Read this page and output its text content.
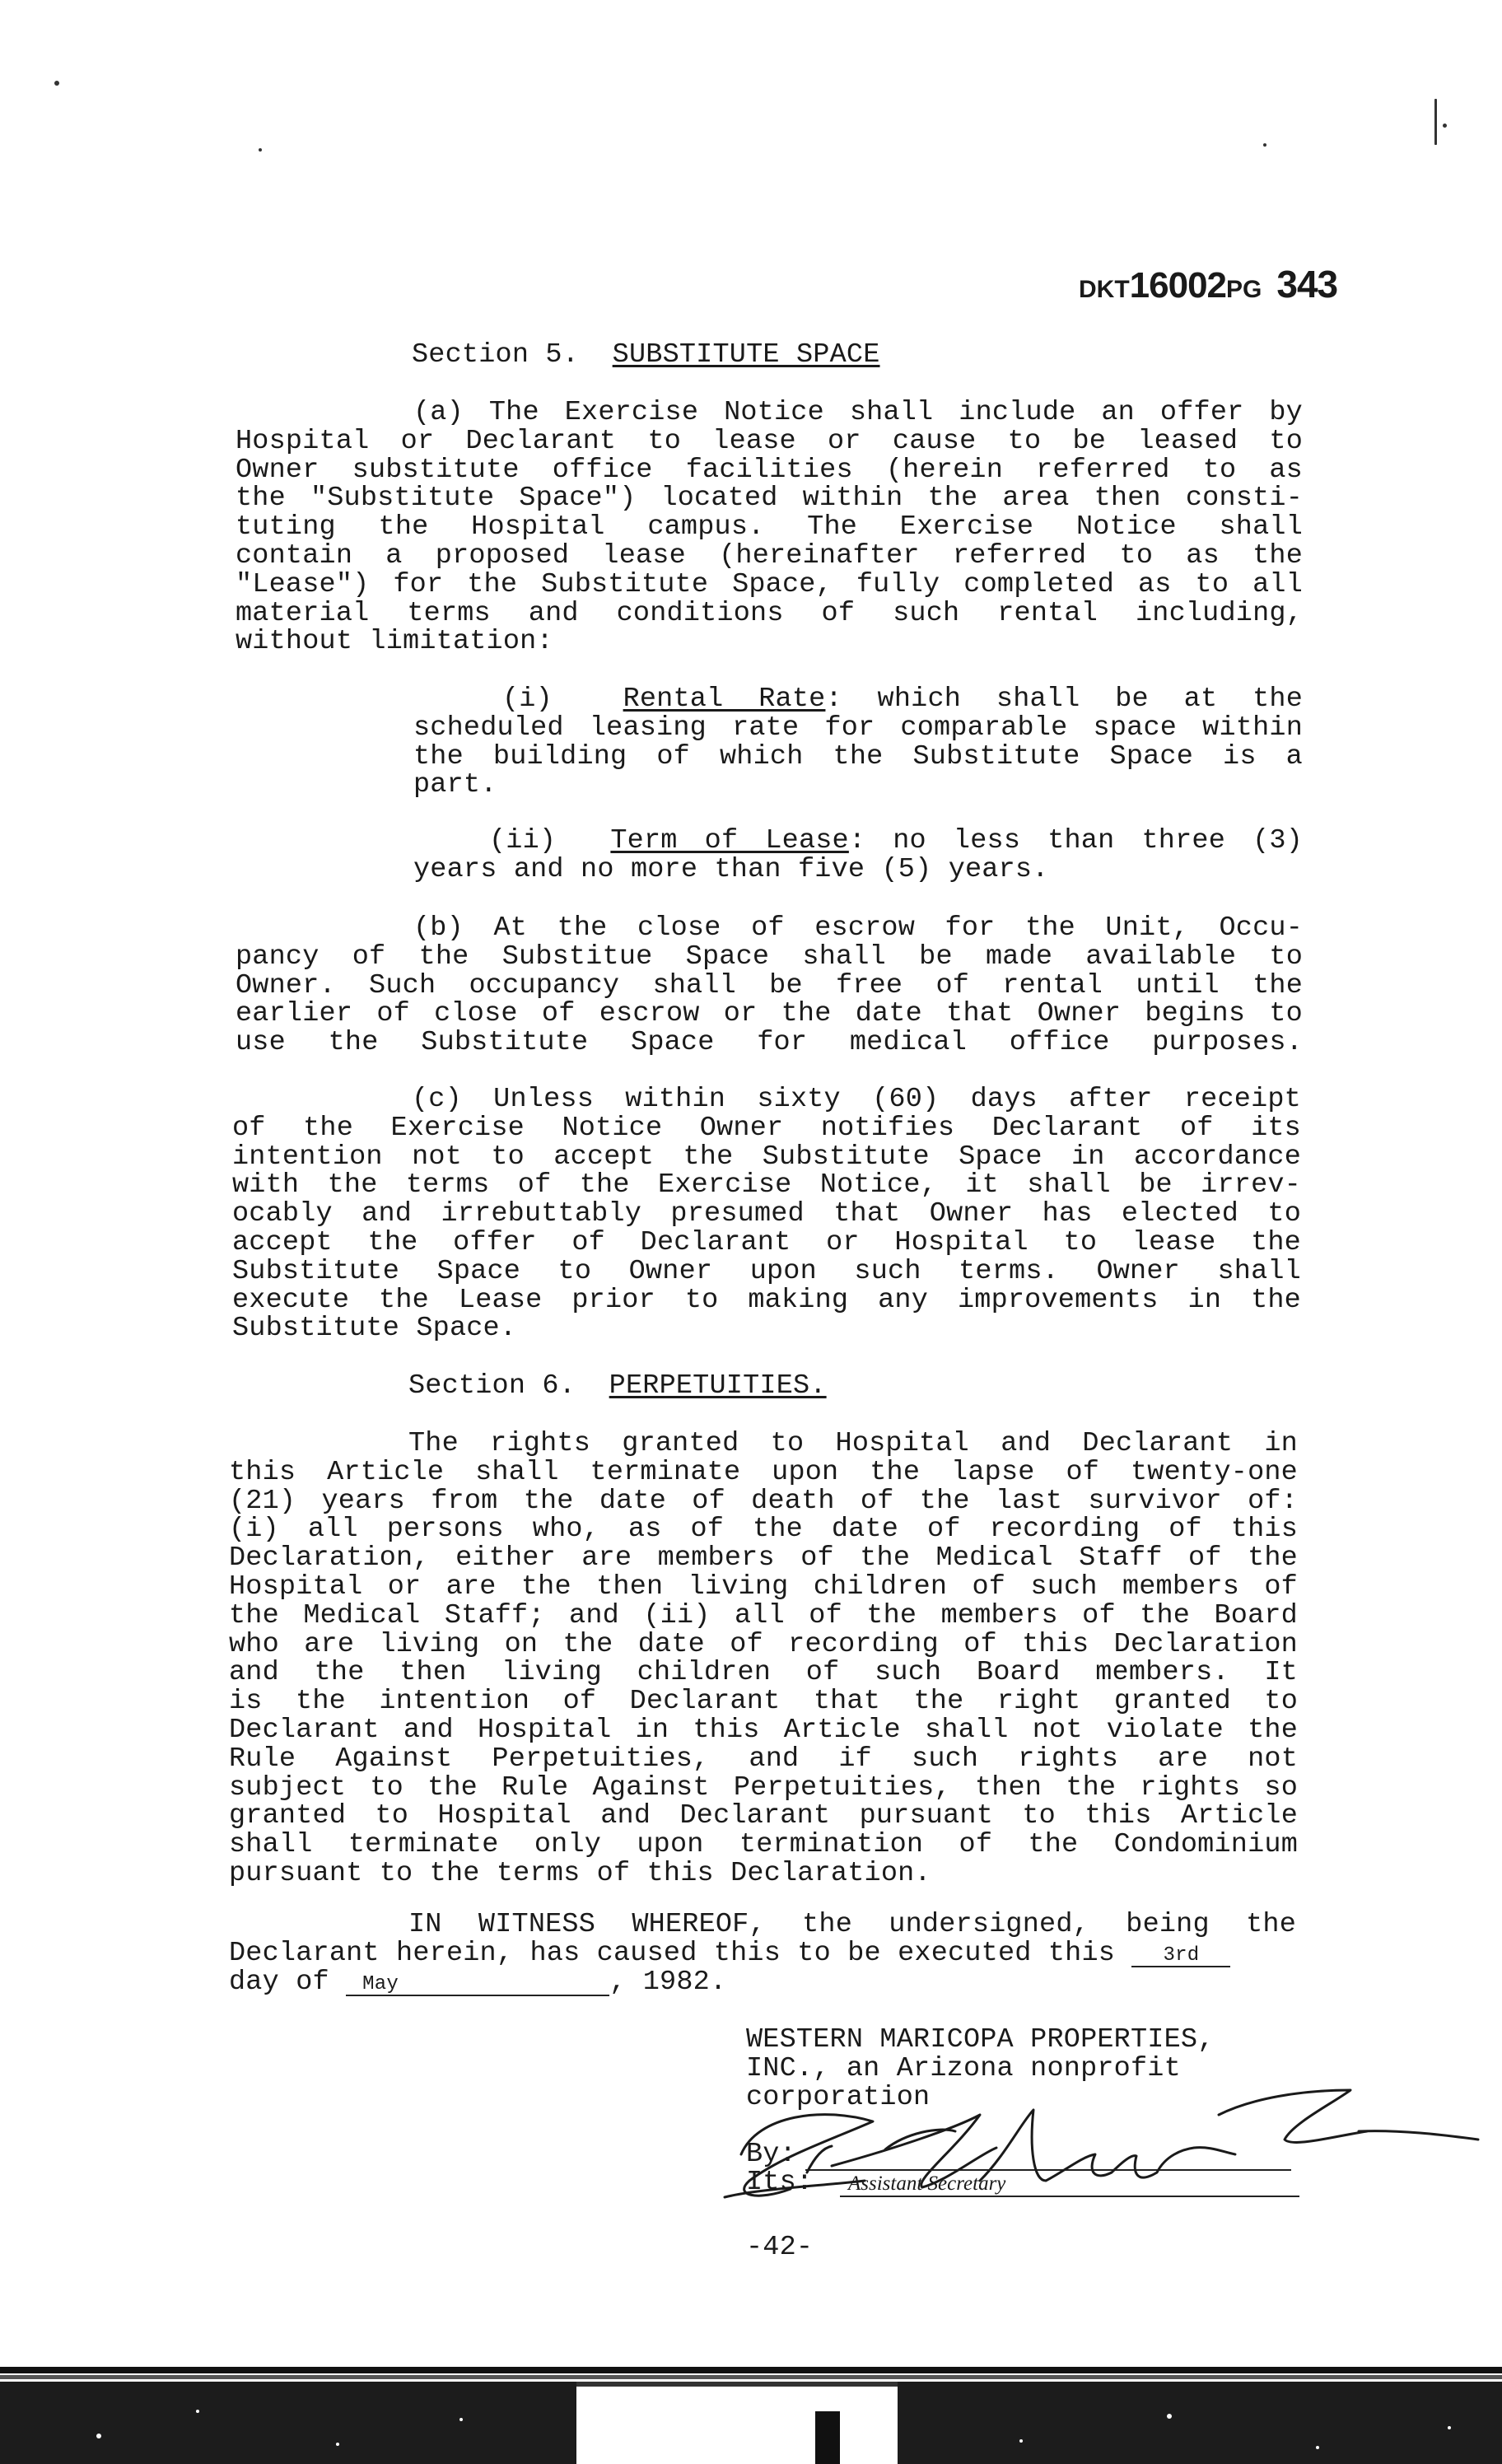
DKT16002PG 343
Section 5. SUBSTITUTE SPACE
(a) The Exercise Notice shall include an offer by
Hospital or Declarant to lease or cause to be leased to
Owner substitute office facilities (herein referred to as
the "Substitute Space") located within the area then consti-
tuting the Hospital campus. The Exercise Notice shall
contain a proposed lease (hereinafter referred to as the
"Lease") for the Substitute Space, fully completed as to all
material terms and conditions of such rental including,
without limitation:
(i)	Rental Rate: which shall be at the
scheduled leasing rate for comparable space within
the building of which the Substitute Space is a
part.
(ii) Term of Lease: no less than three (3)
years and no more than five (5) years.
(b) At the close of escrow for the Unit, Occu-
pancy of the Substitue Space shall be made available to
Owner. Such occupancy shall be free of rental until the
earlier of close of escrow or the date that Owner begins to
use the Substitute Space for medical office purposes.
(c) Unless within sixty (60) days after receipt
of the Exercise Notice Owner notifies Declarant of its
intention not to accept the Substitute Space in accordance
with the terms of the Exercise Notice, it shall be irrev-
ocably and irrebuttably presumed that Owner has elected to
accept the offer of Declarant or Hospital to lease the
Substitute Space to Owner upon such terms. Owner shall
execute the Lease prior to making any improvements in the
Substitute Space.
Section 6. PERPETUITIES.
The rights granted to Hospital and Declarant in
this Article shall terminate upon the lapse of twenty-one
(21) years from the date of death of the last survivor of:
(i) all persons who, as of the date of recording of this
Declaration, either are members of the Medical Staff of the
Hospital or are the then living children of such members of
the Medical Staff; and (ii) all of the members of the Board
who are living on the date of recording of this Declaration
and the then living children of such Board members. It
is the intention of Declarant that the right granted to
Declarant and Hospital in this Article shall not violate the
Rule Against Perpetuities, and if such rights are not
subject to the Rule Against Perpetuities, then the rights so
granted to Hospital and Declarant pursuant to this Article
shall terminate only upon termination of the Condominium
pursuant to the terms of this Declaration.
IN WITNESS WHEREOF, the undersigned, being the
Declarant herein, has caused this to be executed this 3rd
day of May	, 1982.
WESTERN MARICOPA PROPERTIES,
INC., an Arizona nonprofit
corporation
By:
Its:	Assistant Secretary
-42-
